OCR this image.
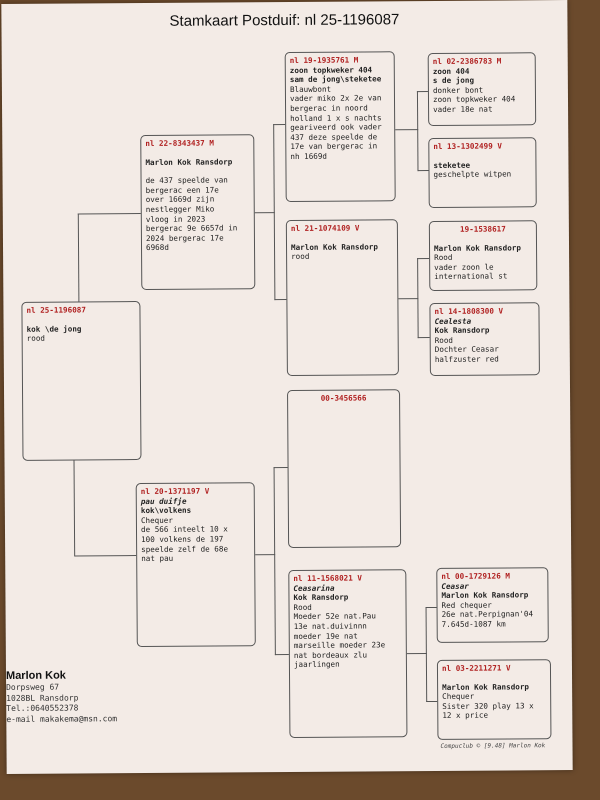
Stamkaart Postduif: nl 25-1196087
nl 25-1196087
kok \de jong
rood
nl 22-8343437 M
Marlon Kok Ransdorp
de 437 speelde van
bergerac een 17e
over 1669d zijn
nestlegger Miko
vloog in 2023
bergerac 9e 6657d in
2024 bergerac 17e
6968d
nl 20-1371197 V
pau duifje
kok\volkens
Chequer
de 566 inteelt 10 x
100 volkens de 197
speelde zelf de 68e
nat pau
nl 19-1935761 M
zoon topkweker 404
sam de jong\steketee
Blauwbont
vader miko 2x 2e van
bergerac in noord
holland 1 x s nachts
geariveerd ook vader
437 deze speelde de
17e van bergerac in
nh 1669d
nl 21-1074109 V
Marlon Kok Ransdorp
rood
00-3456566
nl 11-1568021 V
Ceasarina
Kok Ransdorp
Rood
Moeder 52e nat.Pau
13e nat.duivinnn
moeder 19e nat
marseille moeder 23e
nat bordeaux zlu
jaarlingen
nl 02-2386783 M
zoon 404
s de jong
donker bont
zoon topkweker 404
vader 18e nat
nl 13-1302499 V
steketee
geschelpte witpen
19-1538617
Marlon Kok Ransdorp
Rood
vader zoon le
international st
nl 14-1808300 V
Cealesta
Kok Ransdorp
Rood
Dochter Ceasar
halfzuster red
nl 00-1729126 M
Ceasar
Marlon Kok Ransdorp
Red chequer
26e nat.Perpignan'04
7.645d-1087 km
nl 03-2211271 V
Marlon Kok Ransdorp
Chequer
Sister 320 play 13 x
12 x price
Marlon Kok
Dorpsweg 67
1028BL Ransdorp
Tel.:0640552378
e-mail makakema@msn.com
Compuclub © [9.48] Marlon Kok
